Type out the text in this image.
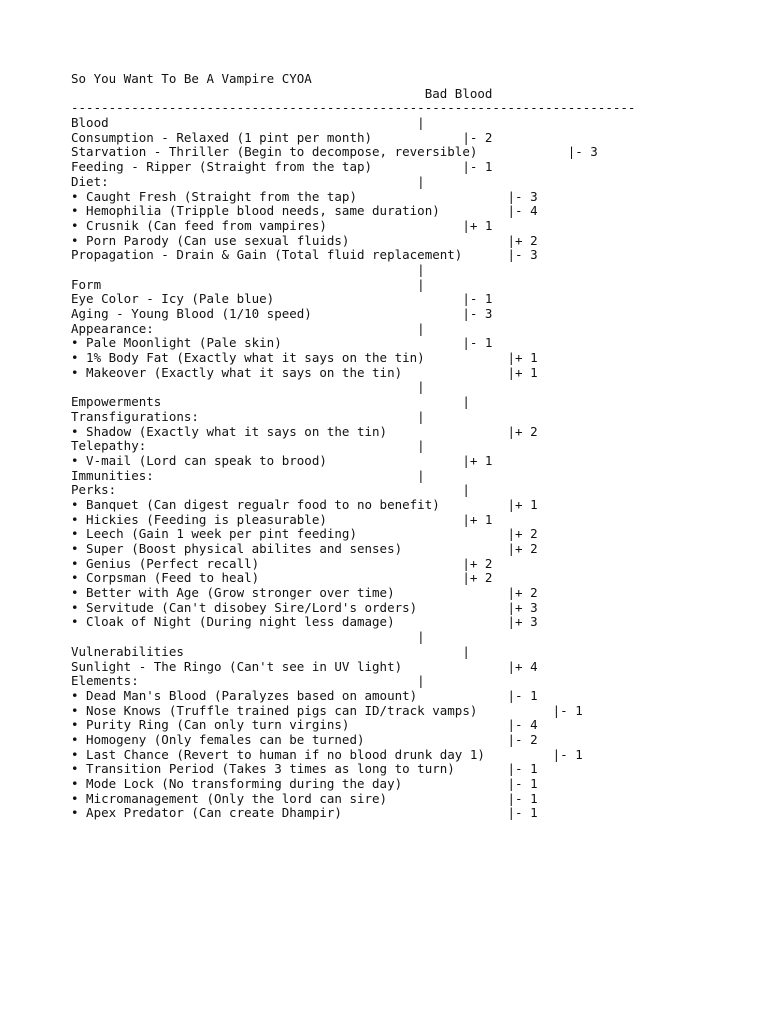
So You Want To Be A Vampire CYOA
Bad Blood
---------------------------------------------------------------------------
Blood                                         |
Consumption - Relaxed (1 pint per month)            |- 2
Starvation - Thriller (Begin to decompose, reversible)            |- 3
Feeding - Ripper (Straight from the tap)            |- 1
Diet:                                         |
• Caught Fresh (Straight from the tap)                    |- 3
• Hemophilia (Tripple blood needs, same duration)         |- 4
• Crusnik (Can feed from vampires)                  |+ 1
• Porn Parody (Can use sexual fluids)                     |+ 2
Propagation - Drain & Gain (Total fluid replacement)      |- 3
|
Form                                          |
Eye Color - Icy (Pale blue)                         |- 1
Aging - Young Blood (1/10 speed)                    |- 3
Appearance:                                   |
• Pale Moonlight (Pale skin)                        |- 1
• 1% Body Fat (Exactly what it says on the tin)           |+ 1
• Makeover (Exactly what it says on the tin)              |+ 1
|
Empowerments                                        |
Transfigurations:                             |
• Shadow (Exactly what it says on the tin)                |+ 2
Telepathy:                                    |
• V-mail (Lord can speak to brood)                  |+ 1
Immunities:                                   |
Perks:                                              |
• Banquet (Can digest regualr food to no benefit)         |+ 1
• Hickies (Feeding is pleasurable)                  |+ 1
• Leech (Gain 1 week per pint feeding)                    |+ 2
• Super (Boost physical abilites and senses)              |+ 2
• Genius (Perfect recall)                           |+ 2
• Corpsman (Feed to heal)                           |+ 2
• Better with Age (Grow stronger over time)               |+ 2
• Servitude (Can't disobey Sire/Lord's orders)            |+ 3
• Cloak of Night (During night less damage)               |+ 3
|
Vulnerabilities                                     |
Sunlight - The Ringo (Can't see in UV light)              |+ 4
Elements:                                     |
• Dead Man's Blood (Paralyzes based on amount)            |- 1
• Nose Knows (Truffle trained pigs can ID/track vamps)          |- 1
• Purity Ring (Can only turn virgins)                     |- 4
• Homogeny (Only females can be turned)                   |- 2
• Last Chance (Revert to human if no blood drunk day 1)         |- 1
• Transition Period (Takes 3 times as long to turn)       |- 1
• Mode Lock (No transforming during the day)              |- 1
• Micromanagement (Only the lord can sire)                |- 1
• Apex Predator (Can create Dhampir)                      |- 1
